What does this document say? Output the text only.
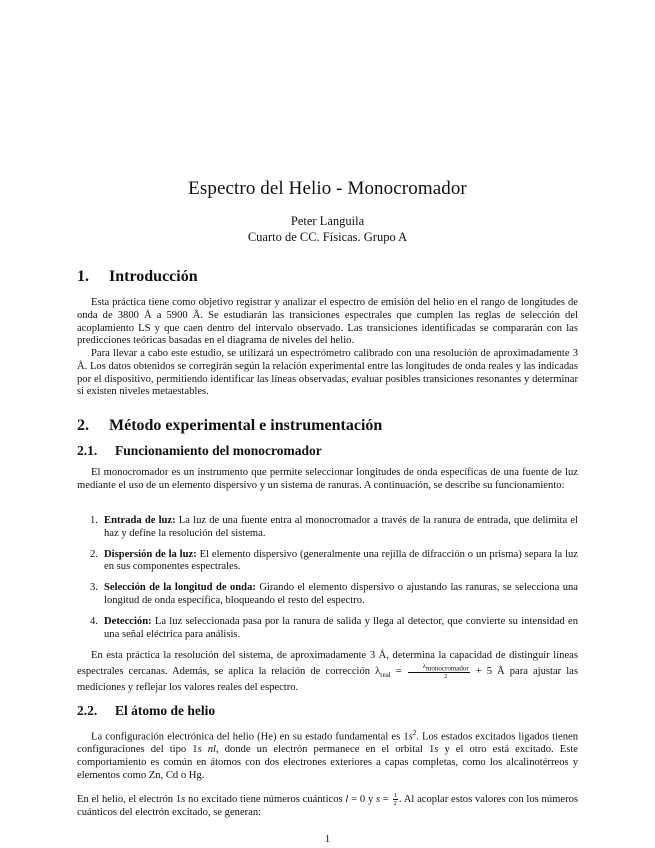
Espectro del Helio - Monocromador
Peter Languila
Cuarto de CC. Físicas. Grupo A
1. Introducción

Esta práctica tiene como objetivo registrar y analizar el espectro de emisión del helio en el rango de longitudes de onda de 3800 Å a 5900 Å. Se estudiarán las transiciones espectrales que cumplen las reglas de selección del acoplamiento LS y que caen dentro del intervalo observado. Las transiciones identificadas se compararán con las predicciones teóricas basadas en el diagrama de niveles del helio.

Para llevar a cabo este estudio, se utilizará un espectrómetro calibrado con una resolución de aproximadamente 3 Å. Los datos obtenidos se corregirán según la relación experimental entre las longitudes de onda reales y las indicadas por el dispositivo, permitiendo identificar las líneas observadas, evaluar posibles transiciones resonantes y determinar si existen niveles metaestables.

2. Método experimental e instrumentación
2.1. Funcionamiento del monocromador

El monocromador es un instrumento que permite seleccionar longitudes de onda específicas de una fuente de luz mediante el uso de un elemento dispersivo y un sistema de ranuras. A continuación, se describe su funcionamiento:

1. Entrada de luz: La luz de una fuente entra al monocromador a través de la ranura de entrada, que delimita el haz y define la resolución del sistema.
2. Dispersión de la luz: El elemento dispersivo (generalmente una rejilla de difracción o un prisma) separa la luz en sus componentes espectrales.
3. Selección de la longitud de onda: Girando el elemento dispersivo o ajustando las ranuras, se selecciona una longitud de onda específica, bloqueando el resto del espectro.
4. Detección: La luz seleccionada pasa por la ranura de salida y llega al detector, que convierte su intensidad en una señal eléctrica para análisis.

En esta práctica la resolución del sistema, de aproximadamente 3 Å, determina la capacidad de distinguir líneas espectrales cercanas. Además, se aplica la relación de corrección $\lambda_{real} = \frac{\lambda_{monocromador}}{2} + 5$ Å para ajustar las mediciones y reflejar los valores reales del espectro.

2.2. El átomo de helio

La configuración electrónica del helio (He) en su estado fundamental es $1s^2$. Los estados excitados ligados tienen configuraciones del tipo 1s nl, donde un electrón permanece en el orbital 1s y el otro está excitado. Este comportamiento es común en átomos con dos electrones exteriores a capas completas, como los alcalinotérreos y elementos como Zn, Cd o Hg.

En el helio, el electrón 1s no excitado tiene números cuánticos l = 0 y $s = \frac{1}{2}$ . Al acoplar estos valores con los números cuánticos del electrón excitado, se generan:

1
